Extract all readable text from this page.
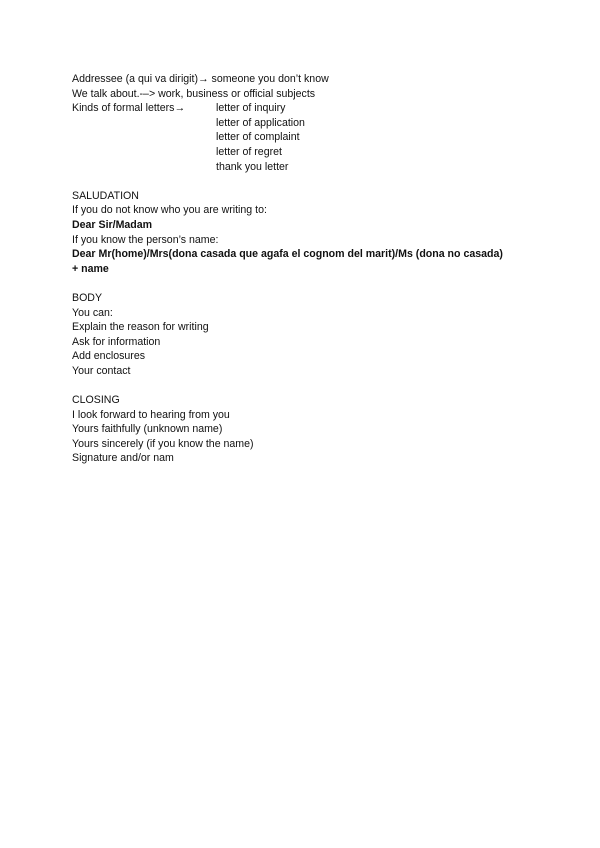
Addressee (a qui va dirigit)→ someone you don’t know
We talk about.-–> work, business or official subjects
Kinds of formal letters→	letter of inquiry
letter of application
letter of complaint
letter of regret
thank you letter
SALUDATION
If you do not know who you are writing to:
Dear Sir/Madam
If you know the person’s name:
Dear Mr(home)/Mrs(dona casada que agafa el cognom del marit)/Ms (dona no casada)
+ name
BODY
You can:
Explain the reason for writing
Ask for information
Add enclosures
Your contact
CLOSING
I look forward to hearing from you
Yours faithfully (unknown name)
Yours sincerely (if you know the name)
Signature and/or nam
